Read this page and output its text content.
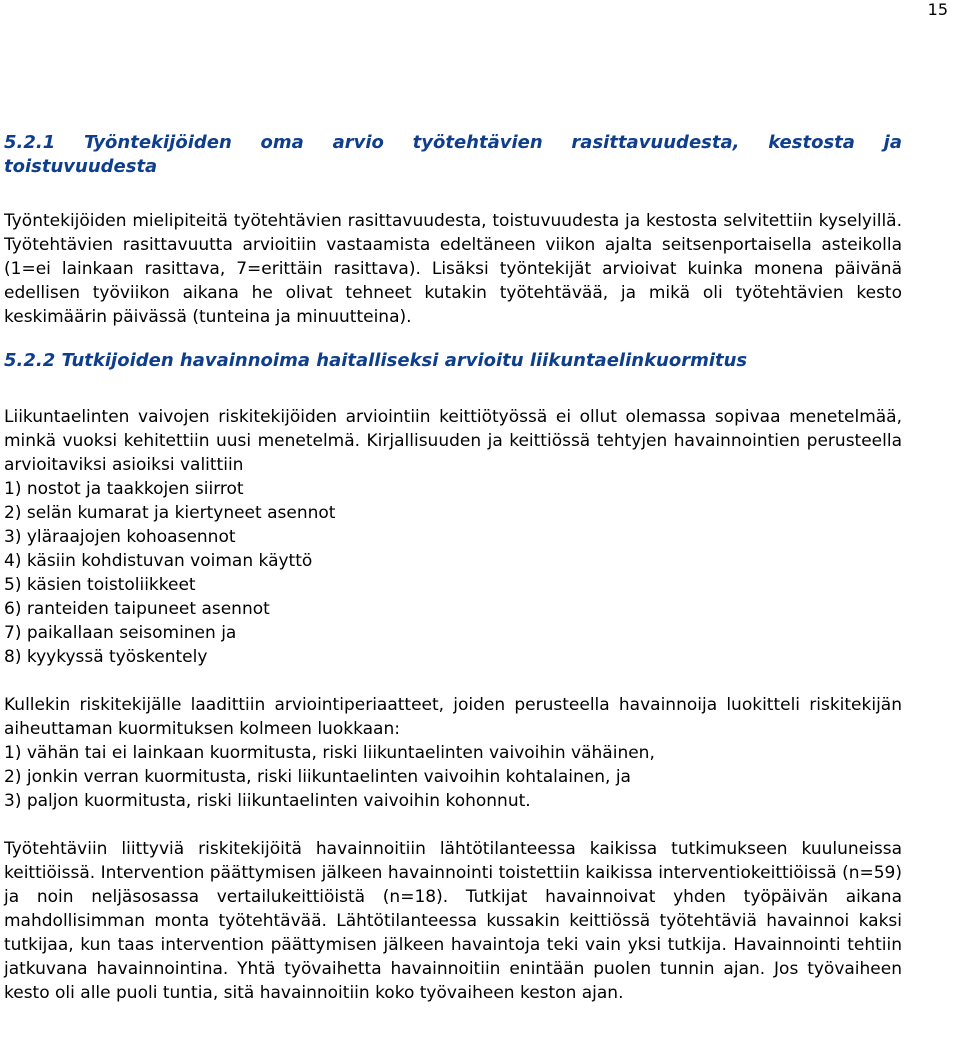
15
5.2.1 Työntekijöiden oma arvio työtehtävien rasittavuudesta, kestosta ja toistuvuudesta

Työntekijöiden mielipiteitä työtehtävien rasittavuudesta, toistuvuudesta ja kestosta selvitettiin kyselyillä. Työtehtävien rasittavuutta arvioitiin vastaamista edeltäneen viikon ajalta seitsenportaisella asteikolla (1=ei lainkaan rasittava, 7=erittäin rasittava). Lisäksi työntekijät arvioivat kuinka monena päivänä edellisen työviikon aikana he olivat tehneet kutakin työtehtävää, ja mikä oli työtehtävien kesto keskimäärin päivässä (tunteina ja minuutteina).

5.2.2 Tutkijoiden havainnoima haitalliseksi arvioitu liikuntaelinkuormitus

Liikuntaelinten vaivojen riskitekijöiden arviointiin keittiötyössä ei ollut olemassa sopivaa menetelmää, minkä vuoksi kehitettiin uusi menetelmä. Kirjallisuuden ja keittiössä tehtyjen havainnointien perusteella arvioitaviksi asioiksi valittiin

1) nostot ja taakkojen siirrot
2) selän kumarat ja kiertyneet asennot
3) yläraajojen kohoasennot
4) käsiin kohdistuvan voiman käyttö
5) käsien toistoliikkeet
6) ranteiden taipuneet asennot
7) paikallaan seisominen ja
8) kyykyssä työskentely

Kullekin riskitekijälle laadittiin arviointiperiaatteet, joiden perusteella havainnoija luokitteli riskitekijän aiheuttaman kuormituksen kolmeen luokkaan:

1) vähän tai ei lainkaan kuormitusta, riski liikuntaelinten vaivoihin vähäinen,
2) jonkin verran kuormitusta, riski liikuntaelinten vaivoihin kohtalainen, ja
3) paljon kuormitusta, riski liikuntaelinten vaivoihin kohonnut.

Työtehtäviin liittyviä riskitekijöitä havainnoitiin lähtötilanteessa kaikissa tutkimukseen kuuluneissa keittiöissä. Intervention päättymisen jälkeen havainnointi toistettiin kaikissa interventiokeittiöissä (n=59) ja noin neljäsosassa vertailukeittiöistä (n=18). Tutkijat havainnoivat yhden työpäivän aikana mahdollisimman monta työtehtävää. Lähtötilanteessa kussakin keittiössä työtehtäviä havainnoi kaksi tutkijaa, kun taas intervention päättymisen jälkeen havaintoja teki vain yksi tutkija. Havainnointi tehtiin jatkuvana havainnointina. Yhtä työvaihetta havainnoitiin enintään puolen tunnin ajan. Jos työvaiheen kesto oli alle puoli tuntia, sitä havainnoitiin koko työvaiheen keston ajan.
